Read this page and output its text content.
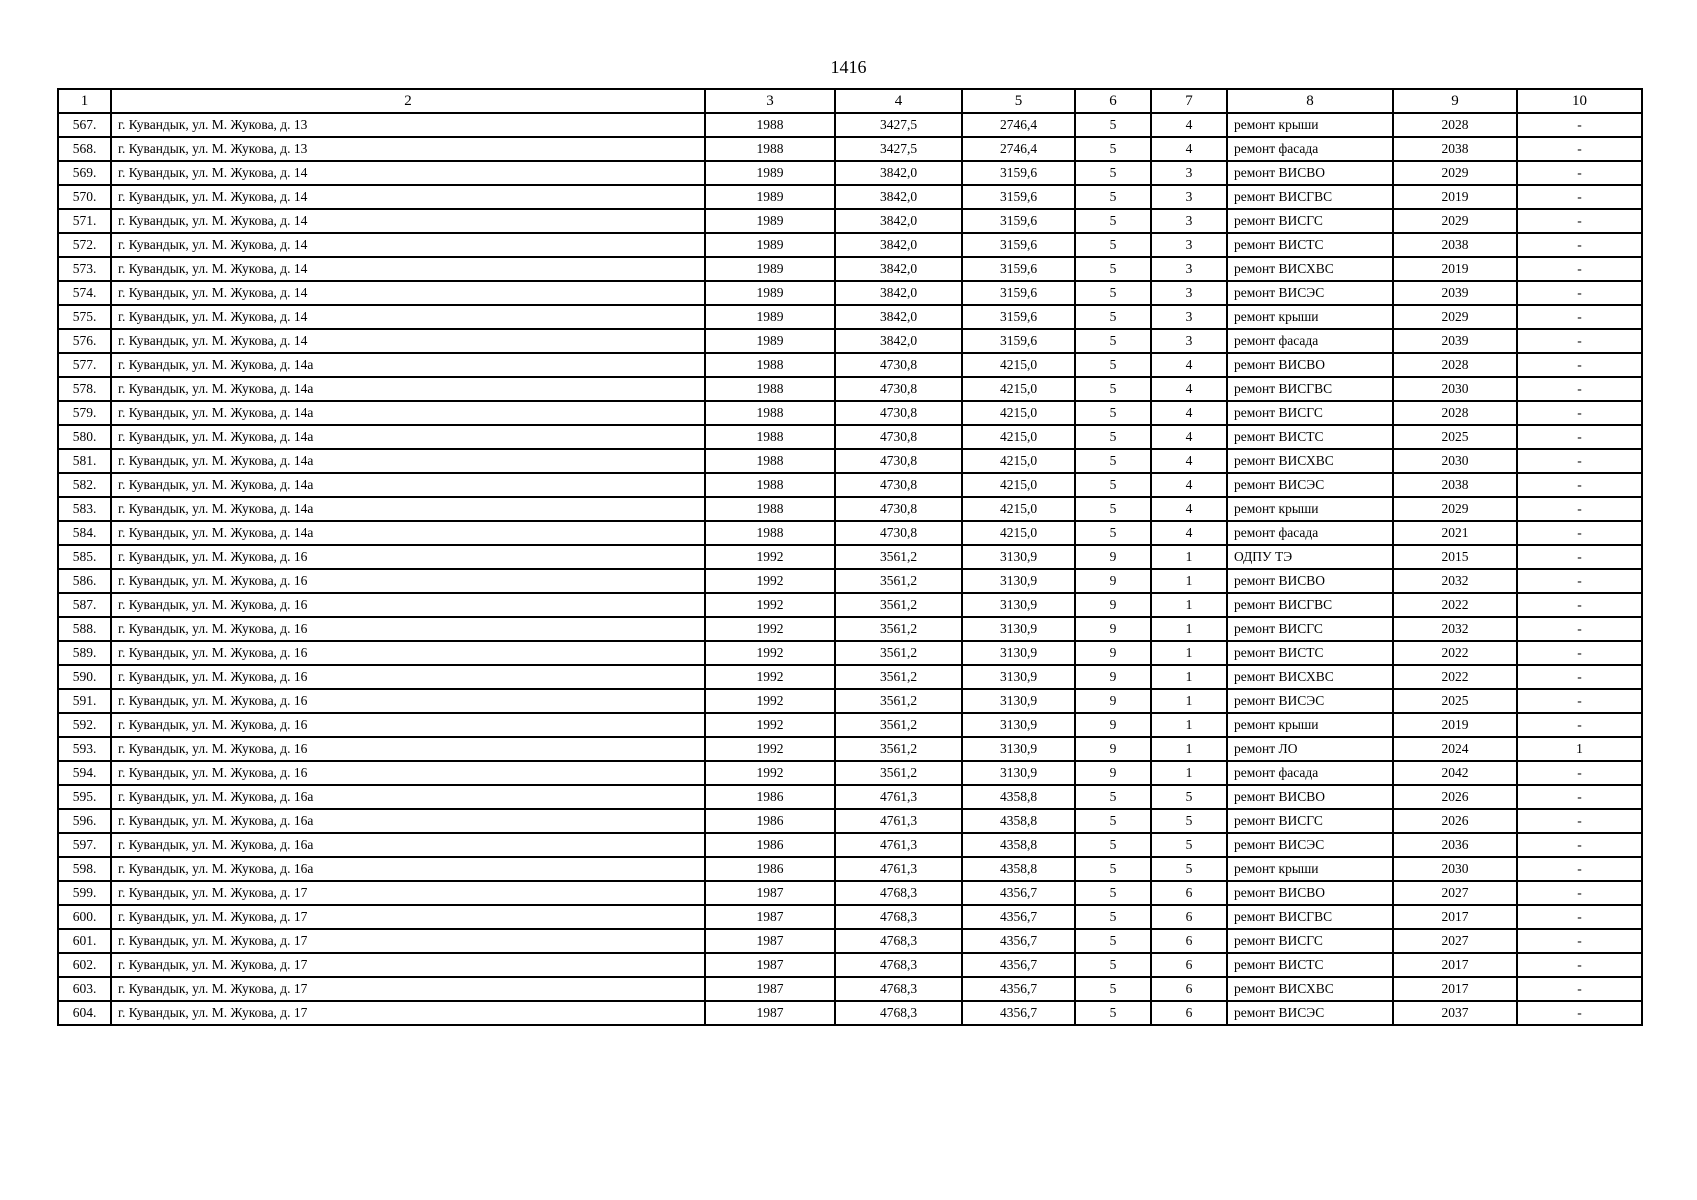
1416
1	2	3	4	5	6	7	8	9	10
567.	г. Кувандык, ул. М. Жукова, д. 13	1988	3427,5	2746,4	5	4	ремонт крыши	2028	-
568.	г. Кувандык, ул. М. Жукова, д. 13	1988	3427,5	2746,4	5	4	ремонт фасада	2038	-
569.	г. Кувандык, ул. М. Жукова, д. 14	1989	3842,0	3159,6	5	3	ремонт ВИСВО	2029	-
570.	г. Кувандык, ул. М. Жукова, д. 14	1989	3842,0	3159,6	5	3	ремонт ВИСГВС	2019	-
571.	г. Кувандык, ул. М. Жукова, д. 14	1989	3842,0	3159,6	5	3	ремонт ВИСГС	2029	-
572.	г. Кувандык, ул. М. Жукова, д. 14	1989	3842,0	3159,6	5	3	ремонт ВИСТС	2038	-
573.	г. Кувандык, ул. М. Жукова, д. 14	1989	3842,0	3159,6	5	3	ремонт ВИСХВС	2019	-
574.	г. Кувандык, ул. М. Жукова, д. 14	1989	3842,0	3159,6	5	3	ремонт ВИСЭС	2039	-
575.	г. Кувандык, ул. М. Жукова, д. 14	1989	3842,0	3159,6	5	3	ремонт крыши	2029	-
576.	г. Кувандык, ул. М. Жукова, д. 14	1989	3842,0	3159,6	5	3	ремонт фасада	2039	-
577.	г. Кувандык, ул. М. Жукова, д. 14а	1988	4730,8	4215,0	5	4	ремонт ВИСВО	2028	-
578.	г. Кувандык, ул. М. Жукова, д. 14а	1988	4730,8	4215,0	5	4	ремонт ВИСГВС	2030	-
579.	г. Кувандык, ул. М. Жукова, д. 14а	1988	4730,8	4215,0	5	4	ремонт ВИСГС	2028	-
580.	г. Кувандык, ул. М. Жукова, д. 14а	1988	4730,8	4215,0	5	4	ремонт ВИСТС	2025	-
581.	г. Кувандык, ул. М. Жукова, д. 14а	1988	4730,8	4215,0	5	4	ремонт ВИСХВС	2030	-
582.	г. Кувандык, ул. М. Жукова, д. 14а	1988	4730,8	4215,0	5	4	ремонт ВИСЭС	2038	-
583.	г. Кувандык, ул. М. Жукова, д. 14а	1988	4730,8	4215,0	5	4	ремонт крыши	2029	-
584.	г. Кувандык, ул. М. Жукова, д. 14а	1988	4730,8	4215,0	5	4	ремонт фасада	2021	-
585.	г. Кувандык, ул. М. Жукова, д. 16	1992	3561,2	3130,9	9	1	ОДПУ ТЭ	2015	-
586.	г. Кувандык, ул. М. Жукова, д. 16	1992	3561,2	3130,9	9	1	ремонт ВИСВО	2032	-
587.	г. Кувандык, ул. М. Жукова, д. 16	1992	3561,2	3130,9	9	1	ремонт ВИСГВС	2022	-
588.	г. Кувандык, ул. М. Жукова, д. 16	1992	3561,2	3130,9	9	1	ремонт ВИСГС	2032	-
589.	г. Кувандык, ул. М. Жукова, д. 16	1992	3561,2	3130,9	9	1	ремонт ВИСТС	2022	-
590.	г. Кувандык, ул. М. Жукова, д. 16	1992	3561,2	3130,9	9	1	ремонт ВИСХВС	2022	-
591.	г. Кувандык, ул. М. Жукова, д. 16	1992	3561,2	3130,9	9	1	ремонт ВИСЭС	2025	-
592.	г. Кувандык, ул. М. Жукова, д. 16	1992	3561,2	3130,9	9	1	ремонт крыши	2019	-
593.	г. Кувандык, ул. М. Жукова, д. 16	1992	3561,2	3130,9	9	1	ремонт ЛО	2024	1
594.	г. Кувандык, ул. М. Жукова, д. 16	1992	3561,2	3130,9	9	1	ремонт фасада	2042	-
595.	г. Кувандык, ул. М. Жукова, д. 16а	1986	4761,3	4358,8	5	5	ремонт ВИСВО	2026	-
596.	г. Кувандык, ул. М. Жукова, д. 16а	1986	4761,3	4358,8	5	5	ремонт ВИСГС	2026	-
597.	г. Кувандык, ул. М. Жукова, д. 16а	1986	4761,3	4358,8	5	5	ремонт ВИСЭС	2036	-
598.	г. Кувандык, ул. М. Жукова, д. 16а	1986	4761,3	4358,8	5	5	ремонт крыши	2030	-
599.	г. Кувандык, ул. М. Жукова, д. 17	1987	4768,3	4356,7	5	6	ремонт ВИСВО	2027	-
600.	г. Кувандык, ул. М. Жукова, д. 17	1987	4768,3	4356,7	5	6	ремонт ВИСГВС	2017	-
601.	г. Кувандык, ул. М. Жукова, д. 17	1987	4768,3	4356,7	5	6	ремонт ВИСГС	2027	-
602.	г. Кувандык, ул. М. Жукова, д. 17	1987	4768,3	4356,7	5	6	ремонт ВИСТС	2017	-
603.	г. Кувандык, ул. М. Жукова, д. 17	1987	4768,3	4356,7	5	6	ремонт ВИСХВС	2017	-
604.	г. Кувандык, ул. М. Жукова, д. 17	1987	4768,3	4356,7	5	6	ремонт ВИСЭС	2037	-
